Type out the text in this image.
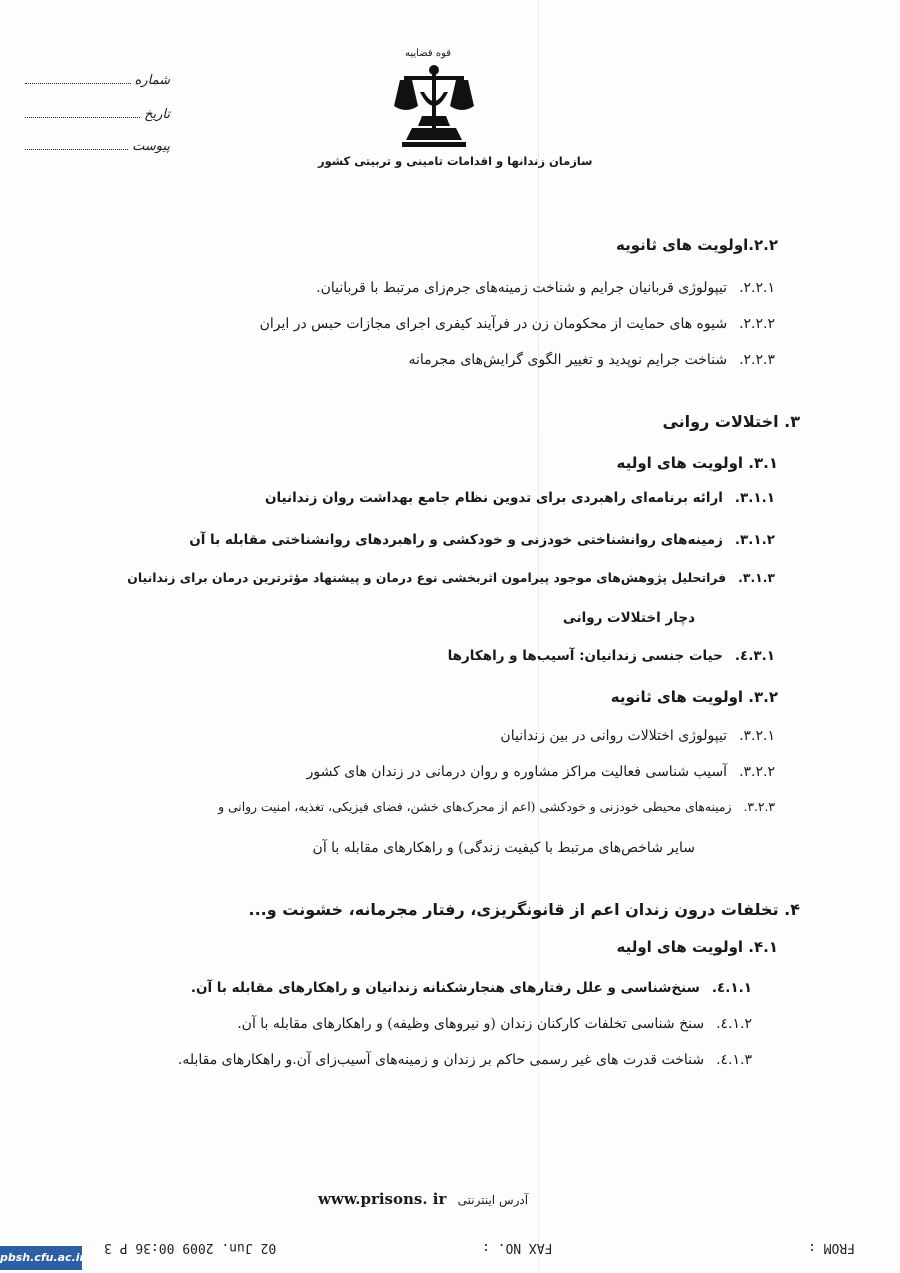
شماره
تاریخ
پیوست
قوه قضاییه
سازمان زندانها و اقدامات تامینی و تربیتی کشور
۲.۲.اولویت های ثانویه
۲.۲.۱.تیپولوژی قربانیان جرایم و شناخت زمینه‌های جرم‌زای مرتبط با قربانیان.
۲.۲.۲.شیوه های حمایت از محکومان زن در فرآیند کیفری اجرای مجازات حبس در ایران
۲.۲.۳.شناخت جرایم نوپدید و تغییر الگوی گرایش‌های مجرمانه
۳. اختلالات روانی
۳.۱. اولویت های اولیه
۳.۱.۱.ارائه برنامه‌ای راهبردی برای تدوین نظام جامع بهداشت روان زندانیان
۳.۱.۲.زمینه‌های روانشناختی خودزنی و خودکشی و راهبردهای روانشناختی مقابله با آن
۳.۱.۳.فراتحلیل پژوهش‌های موجود پیرامون اثربخشی نوع درمان و پیشنهاد مؤثرترین درمان برای زندانیان
دچار اختلالات روانی
۳.۱.٤.حیات جنسی زندانیان: آسیب‌ها و راهکارها
۳.۲. اولویت های ثانویه
۳.۲.۱.تیپولوژی اختلالات روانی در بین زندانیان
۳.۲.۲.آسیب شناسی فعالیت مراکز مشاوره و روان درمانی در زندان های کشور
۳.۲.۳.زمینه‌های محیطی خودزنی و خودکشی (اعم از محرک‌های خشن، فضای فیزیکی، تغذیه، امنیت روانی و
سایر شاخص‌های مرتبط با کیفیت زندگی) و راهکارهای مقابله با آن
۴. تخلفات درون زندان اعم از قانونگریزی، رفتار مجرمانه، خشونت و...
۴.۱. اولویت های اولیه
٤.١.١.سنخ‌شناسی و علل رفتارهای هنجارشکنانه زندانیان و راهکارهای مقابله با آن.
٤.١.٢.سنخ شناسی تخلفات کارکنان زندان (و نیروهای وظیفه) و راهکارهای مقابله با آن.
٤.١.٣.شناخت قدرت های غیر رسمی حاکم بر زندان و زمینه‌های آسیب‌زای آن.و راهکارهای مقابله.
www.prisons. ir آدرس اینترنتی
FROM :
FAX NO. :
02 Jun. 2009 00:36 P 3
pbsh.cfu.ac.ir
